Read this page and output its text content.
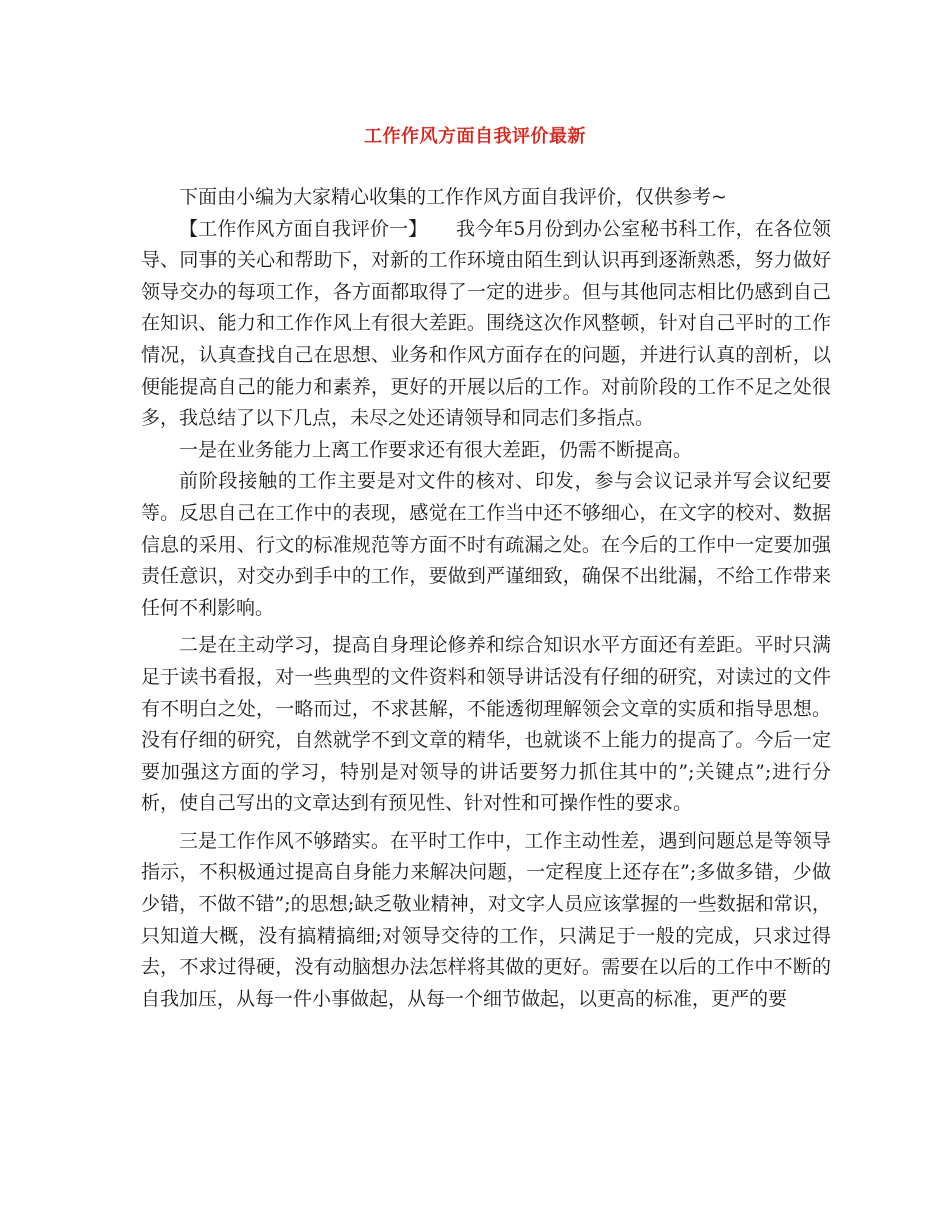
工作作风方面自我评价最新

下面由小编为大家精心收集的工作作风方面自我评价，仅供参考~

【工作作风方面自我评价一】　　我今年5月份到办公室秘书科工作，在各位领导、同事的关心和帮助下，对新的工作环境由陌生到认识再到逐渐熟悉，努力做好领导交办的每项工作，各方面都取得了一定的进步。但与其他同志相比仍感到自己在知识、能力和工作作风上有很大差距。围绕这次作风整顿，针对自己平时的工作情况，认真查找自己在思想、业务和作风方面存在的问题，并进行认真的剖析，以便能提高自己的能力和素养，更好的开展以后的工作。对前阶段的工作不足之处很多，我总结了以下几点，未尽之处还请领导和同志们多指点。

一是在业务能力上离工作要求还有很大差距，仍需不断提高。

前阶段接触的工作主要是对文件的核对、印发，参与会议记录并写会议纪要等。反思自己在工作中的表现，感觉在工作当中还不够细心，在文字的校对、数据信息的采用、行文的标准规范等方面不时有疏漏之处。在今后的工作中一定要加强责任意识，对交办到手中的工作，要做到严谨细致，确保不出纰漏，不给工作带来任何不利影响。

二是在主动学习，提高自身理论修养和综合知识水平方面还有差距。平时只满足于读书看报，对一些典型的文件资料和领导讲话没有仔细的研究，对读过的文件有不明白之处，一略而过，不求甚解，不能透彻理解领会文章的实质和指导思想。没有仔细的研究，自然就学不到文章的精华，也就谈不上能力的提高了。今后一定要加强这方面的学习，特别是对领导的讲话要努力抓住其中的”;关键点”;进行分析，使自己写出的文章达到有预见性、针对性和可操作性的要求。

三是工作作风不够踏实。在平时工作中，工作主动性差，遇到问题总是等领导指示，不积极通过提高自身能力来解决问题，一定程度上还存在”;多做多错，少做少错，不做不错”;的思想;缺乏敬业精神，对文字人员应该掌握的一些数据和常识，只知道大概，没有搞精搞细;对领导交待的工作，只满足于一般的完成，只求过得去，不求过得硬，没有动脑想办法怎样将其做的更好。需要在以后的工作中不断的自我加压，从每一件小事做起，从每一个细节做起，以更高的标准，更严的要
